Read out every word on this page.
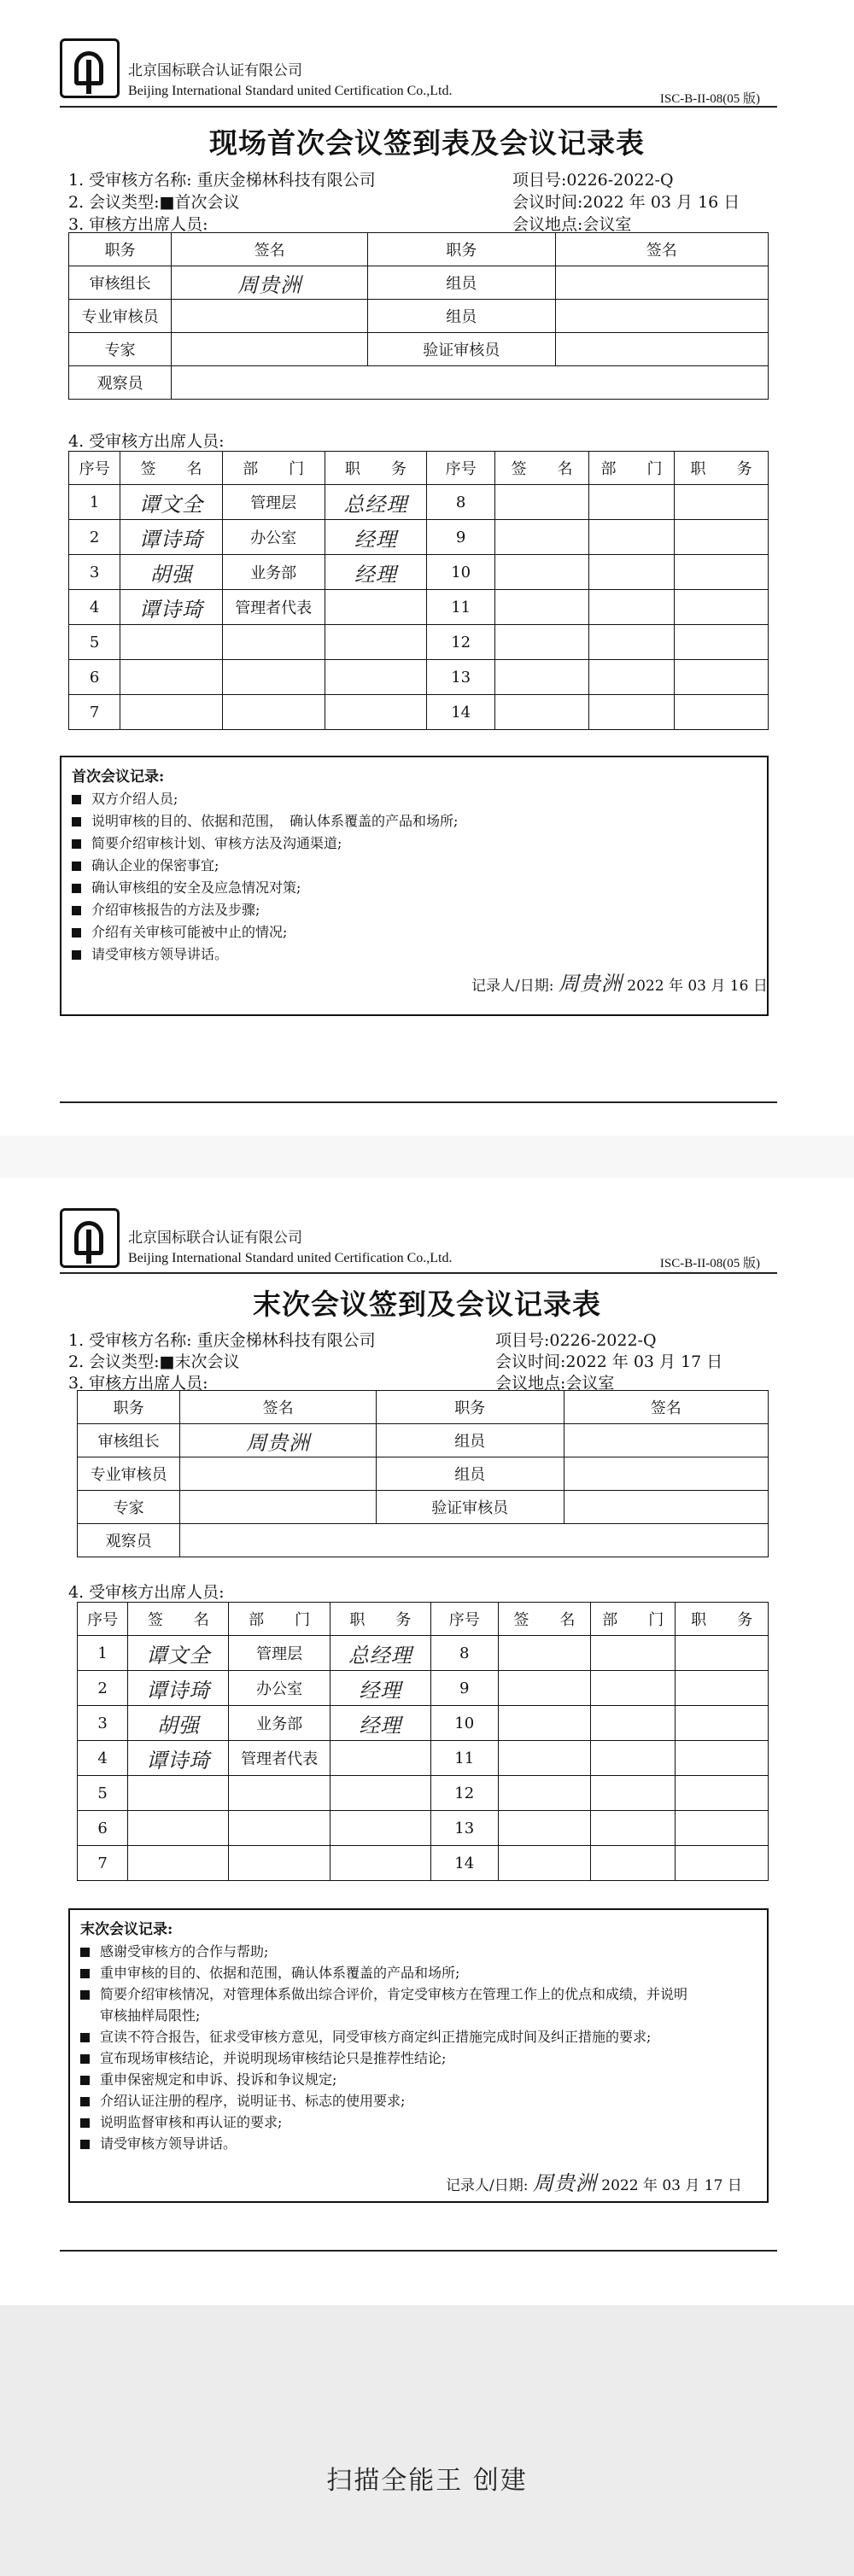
北京国标联合认证有限公司
Beijing International Standard united Certification Co.,Ltd.
ISC-B-II-08(05 版)
现场首次会议签到表及会议记录表
1. 受审核方名称: 重庆金梯林科技有限公司	项目号:0226-2022-Q
2. 会议类型:■首次会议	会议时间:2022 年 03 月 16 日
3. 审核方出席人员:	会议地点:会议室
职务	签名	职务	签名
审核组长	周贵洲	组员	
专业审核员		组员	
专家		验证审核员	
观察员			
4. 受审核方出席人员:
序号	签　　名	部　　门	职　　务	序号	签　　名	部　　门	职　　务
1	谭文全	管理层	总经理	8			
2	谭诗琦	办公室	经理	9			
3	胡强	业务部	经理	10			
4	谭诗琦	管理者代表		11			
5				12			
6				13			
7				14			
首次会议记录:
双方介绍人员;
说明审核的目的、依据和范围，　确认体系覆盖的产品和场所;
简要介绍审核计划、审核方法及沟通渠道;
确认企业的保密事宜;
确认审核组的安全及应急情况对策;
介绍审核报告的方法及步骤;
介绍有关审核可能被中止的情况;
请受审核方领导讲话。
记录人/日期: 周贵洲 2022 年 03 月 16 日
北京国标联合认证有限公司
Beijing International Standard united Certification Co.,Ltd.	ISC-B-II-08(05 版)
末次会议签到及会议记录表
1. 受审核方名称: 重庆金梯林科技有限公司	项目号:0226-2022-Q
2. 会议类型:■末次会议	会议时间:2022 年 03 月 17 日
3. 审核方出席人员:	会议地点:会议室
职务	签名	职务	签名
审核组长	周贵洲	组员	
专业审核员		组员	
专家		验证审核员	
观察员			
4. 受审核方出席人员:
序号	签　　名	部　　门	职　　务	序号	签　　名	部　　门	职　　务
1	谭文全	管理层	总经理	8			
2	谭诗琦	办公室	经理	9			
3	胡强	业务部	经理	10			
4	谭诗琦	管理者代表		11			
5				12			
6				13			
7				14			
末次会议记录:
感谢受审核方的合作与帮助;
重申审核的目的、依据和范围，确认体系覆盖的产品和场所;
简要介绍审核情况，对管理体系做出综合评价，肯定受审核方在管理工作上的优点和成绩，并说明
审核抽样局限性;
宣读不符合报告，征求受审核方意见，同受审核方商定纠正措施完成时间及纠正措施的要求;
宣布现场审核结论，并说明现场审核结论只是推荐性结论;
重申保密规定和申诉、投诉和争议规定;
介绍认证注册的程序，说明证书、标志的使用要求;
说明监督审核和再认证的要求;
请受审核方领导讲话。
记录人/日期: 周贵洲 2022 年 03 月 17 日
扫描全能王 创建
